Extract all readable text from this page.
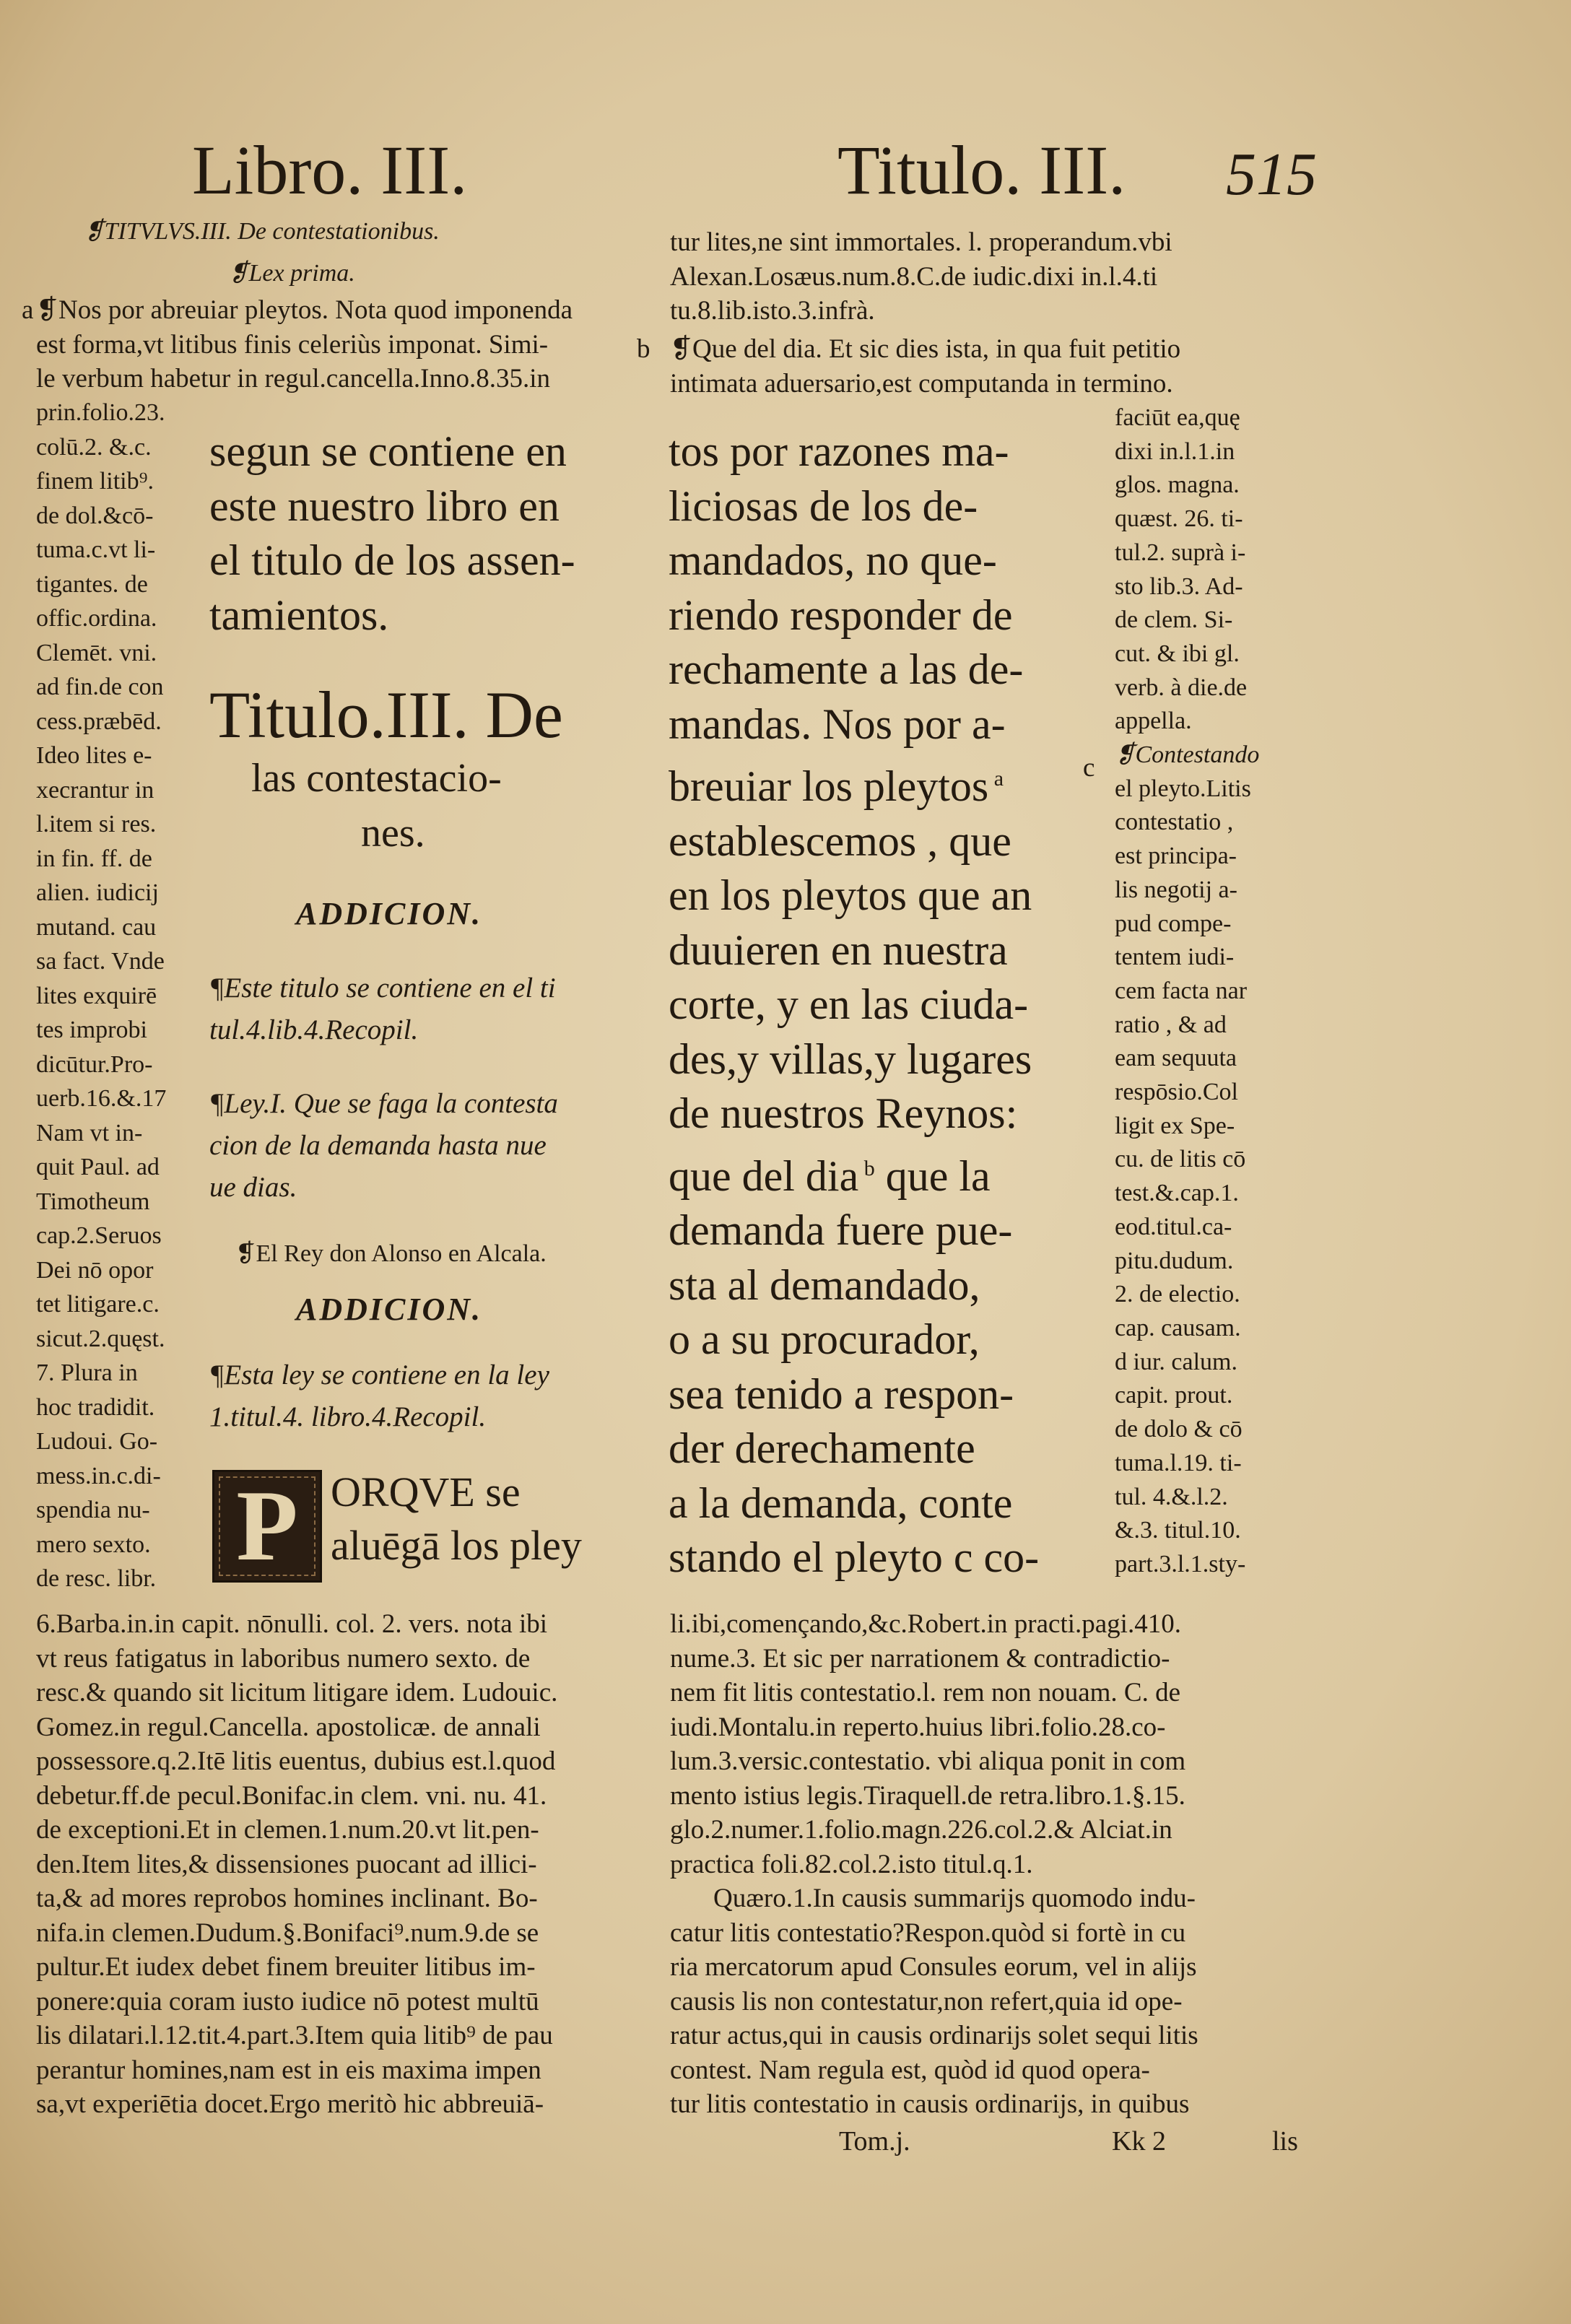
Libro. III.	Titulo. III. 515
❡TITVLVS.III. De contestationibus.
❡Lex prima.
a ❡Nos por abreuiar pleytos. Nota quod imponenda
est forma,vt litibus finis celeriùs imponat. Simi-
le verbum habetur in regul.cancella.Inno.8.35.in
prin.folio.23.
colū.2. &.c.
finem litib⁹.
de dol.&cō-
tuma.c.vt li-
tigantes. de
offic.ordina.
Clemēt. vni.
ad fin.de con
cess.præbēd.
Ideo lites e-
xecrantur in
l.item si res.
in fin. ff. de
alien. iudicij
mutand. cau
sa fact. Vnde
lites exquirē
tes improbi
dicūtur.Pro-
uerb.16.&.17
Nam vt in-
quit Paul. ad
Timotheum
cap.2.Seruos
Dei nō opor
tet litigare.c.
sicut.2.quęst.
7. Plura in
hoc tradidit.
Ludoui. Go-
mess.in.c.di-
spendia nu-
mero sexto.
de resc. libr.
segun se contiene en
este nuestro libro en
el titulo de los assen-
tamientos.
Titulo.III. De
las contestacio-
nes.
ADDICION.
¶Este titulo se contiene en el ti
tul.4.lib.4.Recopil.
¶Ley.I. Que se faga la contesta
cion de la demanda hasta nue
ue dias.
❡El Rey don Alonso en Alcala.
ADDICION.
¶Esta ley se contiene en la ley
1.titul.4. libro.4.Recopil.
P ORQVE se
aluēgā los pley
6.Barba.in.in capit. nōnulli. col. 2. vers. nota ibi
vt reus fatigatus in laboribus numero sexto. de
resc.& quando sit licitum litigare idem. Ludouic.
Gomez.in regul.Cancella. apostolicæ. de annali
possessore.q.2.Itē litis euentus, dubius est.l.quod
debetur.ff.de pecul.Bonifac.in clem. vni. nu. 41.
de exceptioni.Et in clemen.1.num.20.vt lit.pen-
den.Item lites,& dissensiones puocant ad illici-
ta,& ad mores reprobos homines inclinant. Bo-
nifa.in clemen.Dudum.§.Bonifaci⁹.num.9.de se
pultur.Et iudex debet finem breuiter litibus im-
ponere:quia coram iusto iudice nō potest multū
lis dilatari.l.12.tit.4.part.3.Item quia litib⁹ de pau
perantur homines,nam est in eis maxima impen
sa,vt experiētia docet.Ergo meritò hic abbreuiā-
tur lites,ne sint immortales. l. properandum.vbi
Alexan.Losæus.num.8.C.de iudic.dixi in.l.4.ti
tu.8.lib.isto.3.infrà.
b ❡Que del dia. Et sic dies ista, in qua fuit petitio
intimata aduersario,est computanda in termino.
tos por razones ma-
liciosas de los de-
mandados, no que-
riendo responder de
rechamente a las de-
mandas. Nos por a-
breuiar los pleytos $^a$
establescemos , que
en los pleytos que an
duuieren en nuestra
corte, y en las ciuda-
des,y villas,y lugares
de nuestros Reynos:
que del dia $^b$ que la
demanda fuere pue-
sta al demandado,
o a su procurador,
sea tenido a respon-
der derechamente
a la demanda, conte
stando el pleyto c co-
c
faciūt ea,quę
dixi in.l.1.in
glos. magna.
quæst. 26. ti-
tul.2. suprà i-
sto lib.3. Ad-
de clem. Si-
cut. & ibi gl.
verb. à die.de
appella.
❡Contestando
el pleyto.Litis
contestatio ,
est principa-
lis negotij a-
pud compe-
tentem iudi-
cem facta nar
ratio , & ad
eam sequuta
respōsio.Col
ligit ex Spe-
cu. de litis cō
test.&.cap.1.
eod.titul.ca-
pitu.dudum.
2. de electio.
cap. causam.
d iur. calum.
capit. prout.
de dolo & cō
tuma.l.19. ti-
tul. 4.&.l.2.
&.3. titul.10.
part.3.l.1.sty-
li.ibi,començando,&c.Robert.in practi.pagi.410.
nume.3. Et sic per narrationem & contradictio-
nem fit litis contestatio.l. rem non nouam. C. de
iudi.Montalu.in reperto.huius libri.folio.28.co-
lum.3.versic.contestatio. vbi aliqua ponit in com
mento istius legis.Tiraquell.de retra.libro.1.§.15.
glo.2.numer.1.folio.magn.226.col.2.& Alciat.in
practica foli.82.col.2.isto titul.q.1.
Quæro.1.In causis summarijs quomodo indu-
catur litis contestatio?Respon.quòd si fortè in cu
ria mercatorum apud Consules eorum, vel in alijs
causis lis non contestatur,non refert,quia id ope-
ratur actus,qui in causis ordinarijs solet sequi litis
contest. Nam regula est, quòd id quod opera-
tur litis contestatio in causis ordinarijs, in quibus
Tom.j.	Kk 2	lis
